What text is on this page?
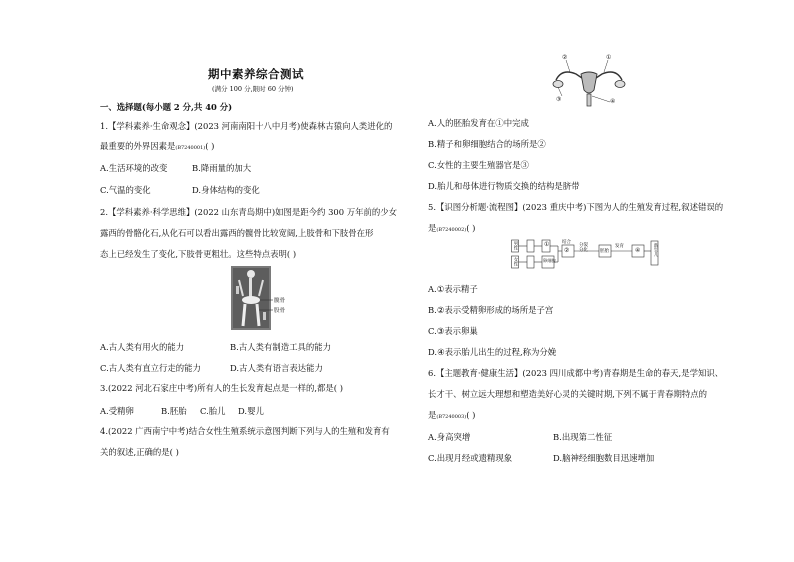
期中素养综合测试
(满分 100 分,限时 60 分钟)
一、选择题(每小题 2 分,共 40 分)
1.【学科素养·生命观念】(2023 河南南阳十八中月考)使森林古猿向人类进化的
最重要的外界因素是(B7240001)( )
A.生活环境的改变	B.降雨量的加大
C.气温的变化	D.身体结构的变化
2.【学科素养·科学思维】(2022 山东青岛期中)如图是距今约 300 万年前的少女
露西的骨骼化石,从化石可以看出露西的髋骨比较宽阔,上肢骨和下肢骨在形
态上已经发生了变化,下肢骨更粗壮。这些特点表明( )
髋骨
股骨
A.古人类有用火的能力	B.古人类有制造工具的能力
C.古人类有直立行走的能力	D.古人类有语言表达能力
3.(2022 河北石家庄中考)所有人的生长发育起点是一样的,都是( )
A.受精卵	B.胚胎 C.胎儿 D.婴儿
4.(2022 广西南宁中考)结合女性生殖系统示意图判断下列与人的生殖和发育有
关的叙述,正确的是( )
②	①
③	④
A.人的胚胎发育在①中完成
B.精子和卵细胞结合的场所是②
C.女性的主要生殖器官是③
D.胎儿和母体进行物质交换的结构是脐带
5.【识图分析题·流程图】(2023 重庆中考)下图为人的生殖发育过程,叙述错误的
是(B7240002)( )
男性
女性
①
卵细胞
结合
②
分裂
分化	胚胎
发育
④	新生儿
A.①表示精子
B.②表示受精卵形成的场所是子宫
C.③表示卵巢
D.④表示胎儿出生的过程,称为分娩
6.【主题教育·健康生活】(2023 四川成都中考)青春期是生命的春天,是学知识、
长才干、树立远大理想和塑造美好心灵的关键时期,下列不属于青春期特点的
是(B7240003)( )
A.身高突增	B.出现第二性征
C.出现月经或遗精现象	D.脑神经细胞数目迅速增加
